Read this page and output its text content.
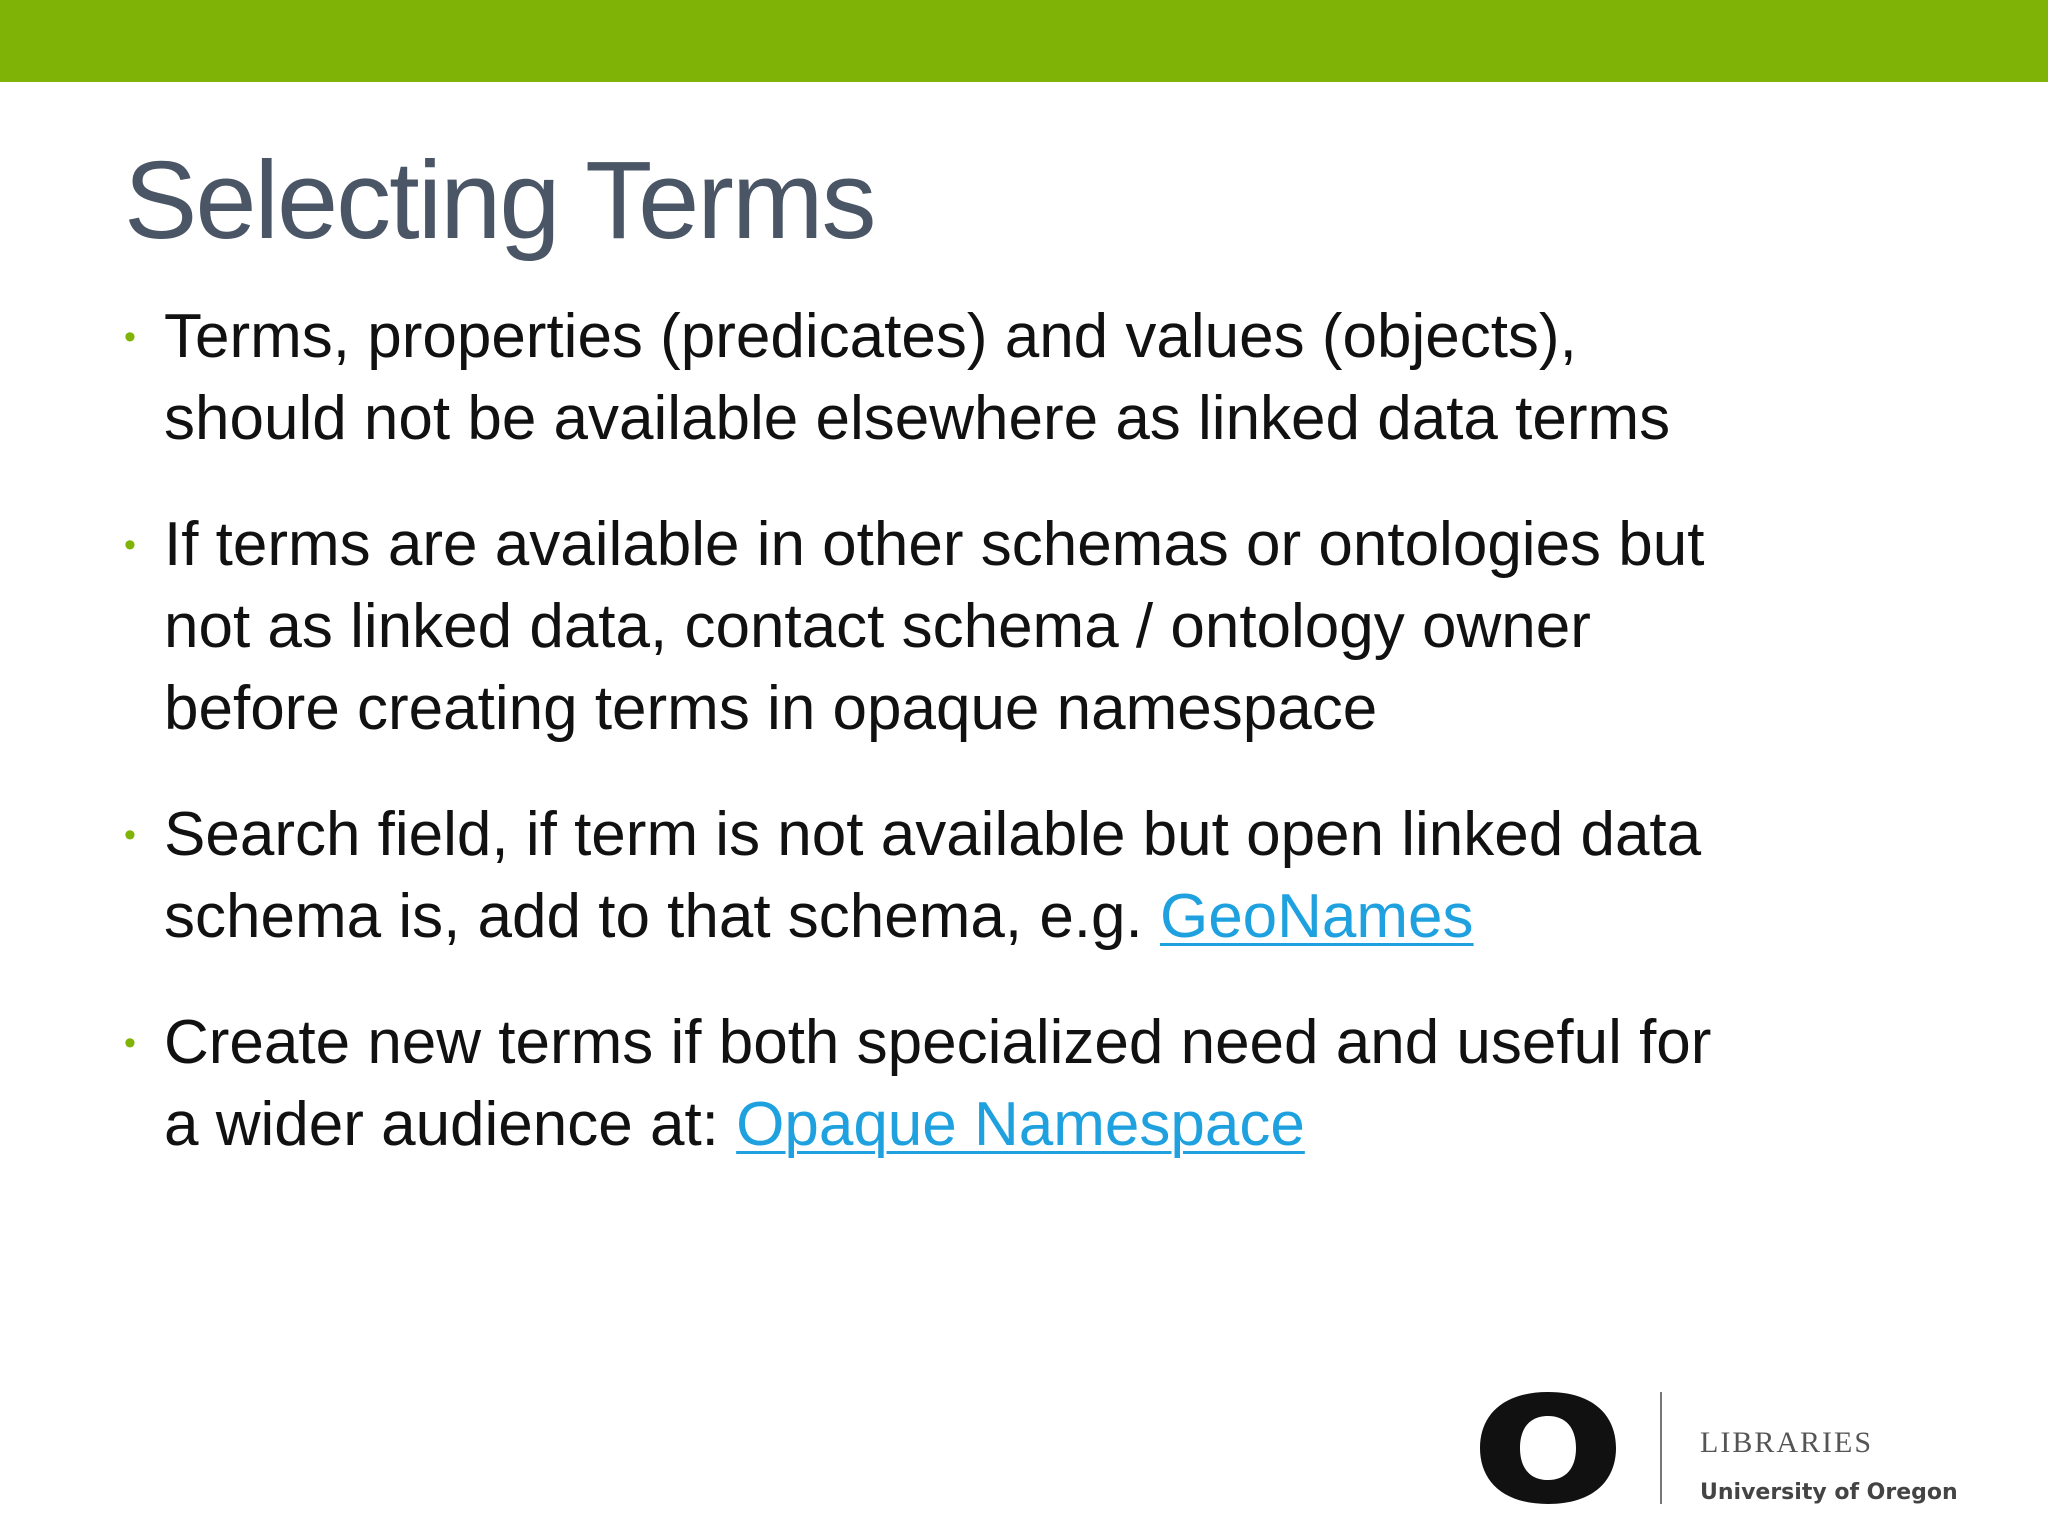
Selecting Terms
• Terms, properties (predicates) and values (objects),
should not be available elsewhere as linked data terms
• If terms are available in other schemas or ontologies but
not as linked data, contact schema / ontology owner
before creating terms in opaque namespace
• Search field, if term is not available but open linked data
schema is, add to that schema, e.g. GeoNames
• Create new terms if both specialized need and useful for
a wider audience at: Opaque Namespace
LIBRARIES
University of Oregon
